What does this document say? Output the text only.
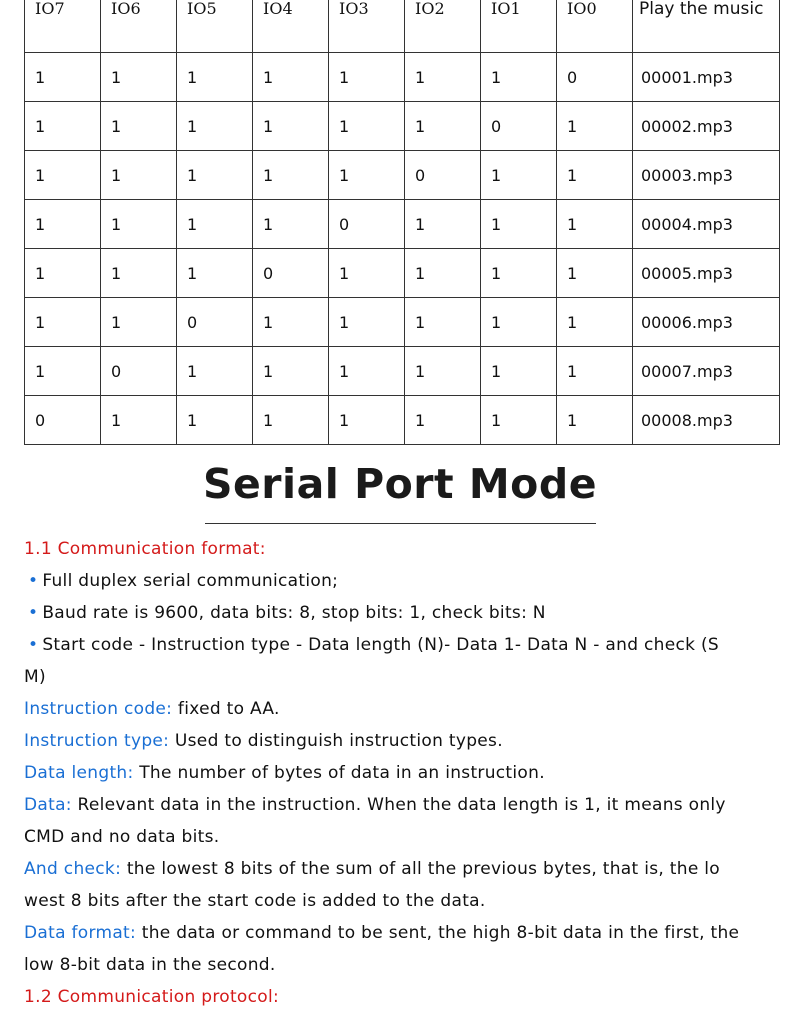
IO7	IO6	IO5	IO4	IO3	IO2	IO1	IO0	Play the music
1	1	1	1	1	1	1	0	00001.mp3
1	1	1	1	1	1	0	1	00002.mp3
1	1	1	1	1	0	1	1	00003.mp3
1	1	1	1	0	1	1	1	00004.mp3
1	1	1	0	1	1	1	1	00005.mp3
1	1	0	1	1	1	1	1	00006.mp3
1	0	1	1	1	1	1	1	00007.mp3
0	1	1	1	1	1	1	1	00008.mp3
Serial Port Mode

1.1 Communication format:

• Full duplex serial communication;

• Baud rate is 9600, data bits: 8, stop bits: 1, check bits: N

• Start code - Instruction type - Data length (N)- Data 1- Data N - and check (S

M)

Instruction code: fixed to AA.

Instruction type: Used to distinguish instruction types.

Data length: The number of bytes of data in an instruction.

Data: Relevant data in the instruction. When the data length is 1, it means only

CMD and no data bits.

And check: the lowest 8 bits of the sum of all the previous bytes, that is, the lo

west 8 bits after the start code is added to the data.

Data format: the data or command to be sent, the high 8-bit data in the first, the

low 8-bit data in the second.

1.2 Communication protocol:
